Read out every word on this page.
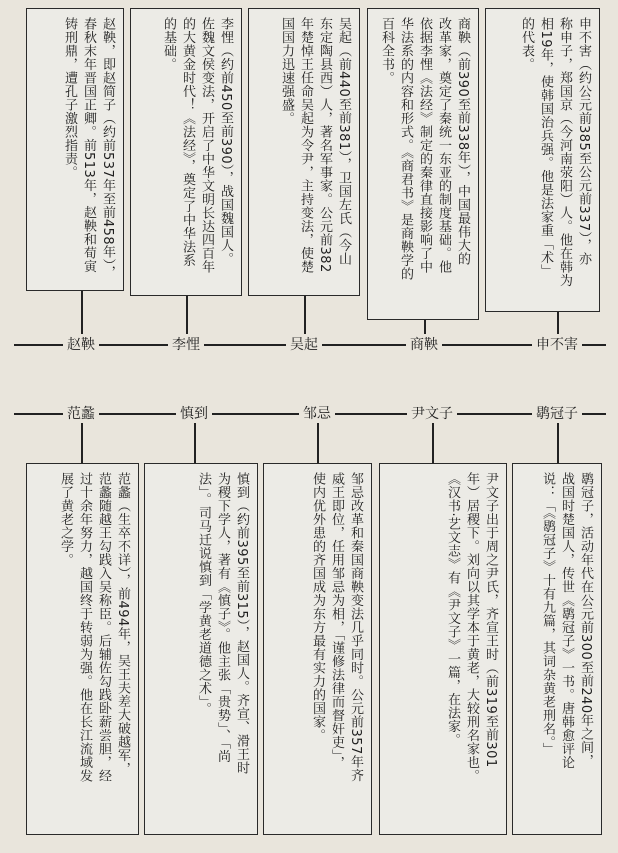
申不害（约公元前385至公元前337），亦
称申子，郑国京（今河南荥阳）人。他在韩为
相19年，使韩国治兵强。他是法家重「术」
的代表。
申不害
商鞅（前390至前338年），中国最伟大的
改革家，奠定了秦统一东亚的制度基础。他
依据李悝《法经》制定的秦律直接影响了中
华法系的内容和形式。《商君书》是商鞅学的
百科全书。
商鞅
吴起（前440至前381），卫国左氏（今山
东定陶县西）人，著名军事家。公元前382
年楚悼王任命吴起为令尹，主持变法，使楚
国国力迅速强盛。
吴起
李悝（约前450至前390），战国魏国人。
佐魏文侯变法，开启了中华文明长达四百年
的大黄金时代！《法经》，奠定了中华法系
的基础。
李悝
赵鞅，即赵简子（约前537年至前458年），
春秋末年晋国正卿。前513年，赵鞅和荀寅
铸刑鼎，遭孔子激烈指责。
赵鞅
鹖冠子，活动年代在公元前300至前240年之间，
战国时楚国人，传世《鹖冠子》一书。唐韩愈评论
说：「《鹖冠子》十有九篇，其词杂黄老刑名。」
鹖冠子
尹文子出于周之尹氏，齐宣王时（前319至前301
年）居稷下。刘向以其学本于黄老，大较刑名家也。
《汉书·艺文志》有《尹文子》一篇，在法家。
尹文子
邹忌改革和秦国商鞅变法几乎同时。公元前357年齐
威王即位，任用邹忌为相，「谨修法律而督奸吏」，
使内优外患的齐国成为东方最有实力的国家。
邹忌
慎到（约前395至前315），赵国人。齐宣、滑王时
为稷下学人，著有《慎子》。他主张「贵势」、「尚
法」。司马迁说慎到「学黄老道德之术」。
慎到
范蠡（生卒不详），前494年，吴王夫差大破越军，
范蠡随越王勾践入吴称臣。后辅佐勾践卧薪尝胆，经
过十余年努力，越国终于转弱为强。他在长江流域发
展了黄老之学。
范蠡
